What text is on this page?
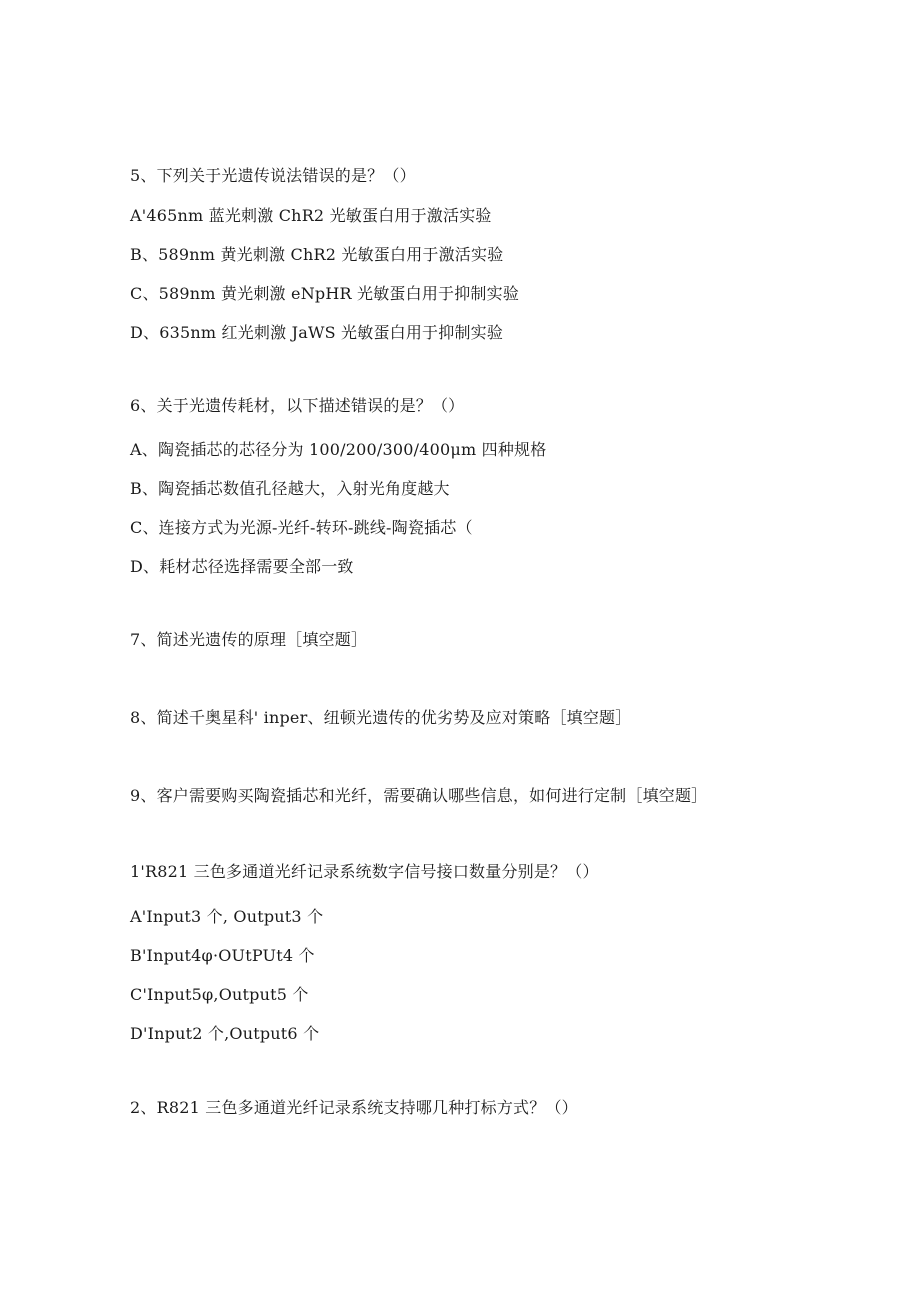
5、下列关于光遗传说法错误的是？（）
A'465nm 蓝光刺激 ChR2 光敏蛋白用于激活实验
B、589nm 黄光刺激 ChR2 光敏蛋白用于激活实验
C、589nm 黄光刺激 eNpHR 光敏蛋白用于抑制实验
D、635nm 红光刺激 JaWS 光敏蛋白用于抑制实验
6、关于光遗传耗材，以下描述错误的是？（）
A、陶瓷插芯的芯径分为 100/200/300/400μm 四种规格
B、陶瓷插芯数值孔径越大，入射光角度越大
C、连接方式为光源-光纤-转环-跳线-陶瓷插芯（
D、耗材芯径选择需要全部一致
7、简述光遗传的原理［填空题］
8、简述千奥星科' inper、纽顿光遗传的优劣势及应对策略［填空题］
9、客户需要购买陶瓷插芯和光纤，需要确认哪些信息，如何进行定制［填空题］
1'R821 三色多通道光纤记录系统数字信号接口数量分别是？（）
A'Input3 个, Output3 个
B'Input4φ·OUtPUt4 个
C'Input5φ,Output5 个
D'Input2 个,Output6 个
2、R821 三色多通道光纤记录系统支持哪几种打标方式？（）
